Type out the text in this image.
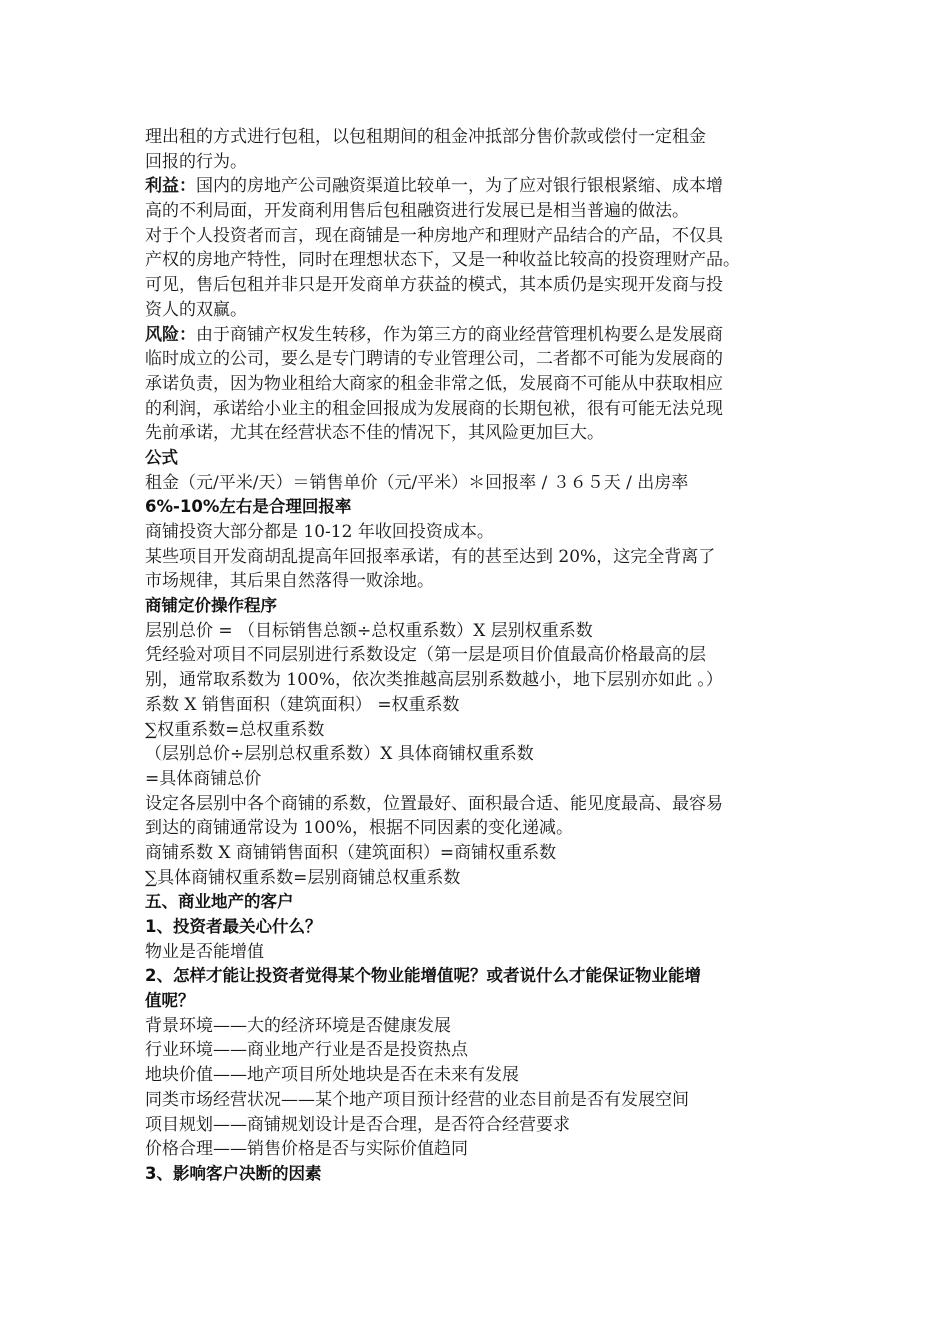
理出租的方式进行包租，以包租期间的租金冲抵部分售价款或偿付一定租金
回报的行为。
利益：国内的房地产公司融资渠道比较单一，为了应对银行银根紧缩、成本增
高的不利局面，开发商利用售后包租融资进行发展已是相当普遍的做法。
对于个人投资者而言，现在商铺是一种房地产和理财产品结合的产品，不仅具
产权的房地产特性，同时在理想状态下，又是一种收益比较高的投资理财产品。
可见，售后包租并非只是开发商单方获益的模式，其本质仍是实现开发商与投
资人的双赢。
风险：由于商铺产权发生转移，作为第三方的商业经营管理机构要么是发展商
临时成立的公司，要么是专门聘请的专业管理公司，二者都不可能为发展商的
承诺负责，因为物业租给大商家的租金非常之低，发展商不可能从中获取相应
的利润，承诺给小业主的租金回报成为发展商的长期包袱，很有可能无法兑现
先前承诺，尤其在经营状态不佳的情况下，其风险更加巨大。
公式
租金（元/平米/天）＝销售单价（元/平米）＊回报率 / ３６５天 / 出房率
6%-10%左右是合理回报率
商铺投资大部分都是 10-12 年收回投资成本。
某些项目开发商胡乱提高年回报率承诺，有的甚至达到 20%，这完全背离了
市场规律，其后果自然落得一败涂地。
商铺定价操作程序
层别总价 = （目标销售总额÷总权重系数）X 层别权重系数
凭经验对项目不同层别进行系数设定（第一层是项目价值最高价格最高的层
别，通常取系数为 100%，依次类推越高层别系数越小，地下层别亦如此 。）
系数 X 销售面积（建筑面积） =权重系数
∑权重系数=总权重系数
（层别总价÷层别总权重系数）X 具体商铺权重系数
=具体商铺总价
设定各层别中各个商铺的系数，位置最好、面积最合适、能见度最高、最容易
到达的商铺通常设为 100%，根据不同因素的变化递减。
商铺系数 X 商铺销售面积（建筑面积）=商铺权重系数
∑具体商铺权重系数=层别商铺总权重系数
五、商业地产的客户
1、投资者最关心什么？
物业是否能增值
2、怎样才能让投资者觉得某个物业能增值呢？或者说什么才能保证物业能增
值呢？
背景环境——大的经济环境是否健康发展
行业环境——商业地产行业是否是投资热点
地块价值——地产项目所处地块是否在未来有发展
同类市场经营状况——某个地产项目预计经营的业态目前是否有发展空间
项目规划——商铺规划设计是否合理，是否符合经营要求
价格合理——销售价格是否与实际价值趋同
3、影响客户决断的因素
